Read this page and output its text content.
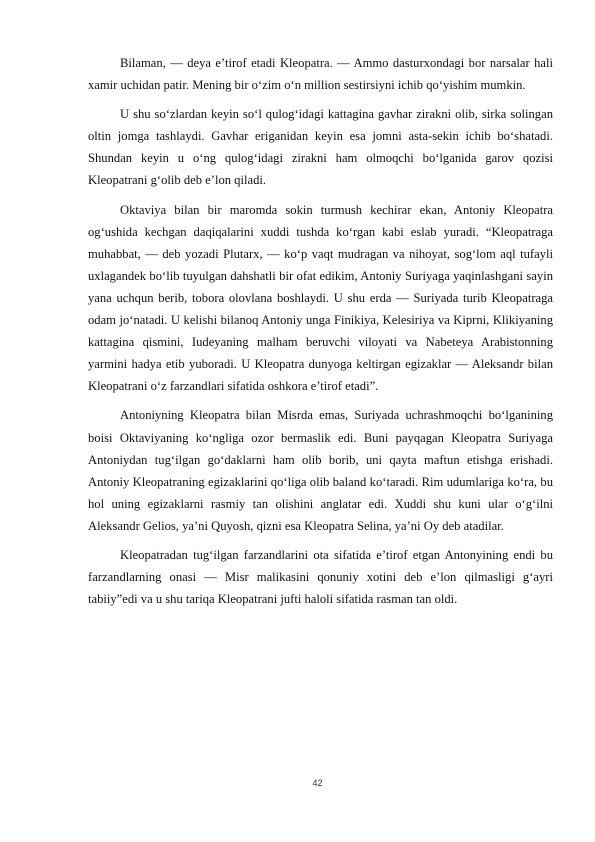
Bilaman, — deya e’tirof etadi Kleopatra. — Ammo dasturxondagi bor narsalar hali xamir uchidan patir. Mening bir o‘zim o‘n million sestirsiyni ichib qo‘yishim mumkin.

U shu so‘zlardan keyin so‘l qulog‘idagi kattagina gavhar zirakni olib, sirka solingan oltin jomga tashlaydi. Gavhar eriganidan keyin esa jomni asta-sekin ichib bo‘shatadi. Shundan keyin u o‘ng qulog‘idagi zirakni ham olmoqchi bo‘lganida garov qozisi Kleopatrani g‘olib deb e’lon qiladi.

Oktaviya bilan bir maromda sokin turmush kechirar ekan, Antoniy Kleopatra og‘ushida kechgan daqiqalarini xuddi tushda ko‘rgan kabi eslab yuradi. “Kleopatraga muhabbat, — deb yozadi Plutarx, — ko‘p vaqt mudragan va nihoyat, sog‘lom aql tufayli uxlagandek bo‘lib tuyulgan dahshatli bir ofat edikim, Antoniy Suriyaga yaqinlashgani sayin yana uchqun berib, tobora olovlana boshlaydi. U shu erda — Suriyada turib Kleopatraga odam jo‘natadi. U kelishi bilanoq Antoniy unga Finikiya, Kelesiriya va Kiprni, Klikiyaning kattagina qismini, Iudeyaning malham beruvchi viloyati va Nabeteya Arabistonning yarmini hadya etib yuboradi. U Kleopatra dunyoga keltirgan egizaklar — Aleksandr bilan Kleopatrani o‘z farzandlari sifatida oshkora e’tirof etadi”.

Antoniyning Kleopatra bilan Misrda emas, Suriyada uchrashmoqchi bo‘lganining boisi Oktaviyaning ko‘ngliga ozor bermaslik edi. Buni payqagan Kleopatra Suriyaga Antoniydan tug‘ilgan go‘daklarni ham olib borib, uni qayta maftun etishga erishadi. Antoniy Kleopatraning egizaklarini qo‘liga olib baland ko‘taradi. Rim udumlariga ko‘ra, bu hol uning egizaklarni rasmiy tan olishini anglatar edi. Xuddi shu kuni ular o‘g‘ilni Aleksandr Gelios, ya’ni Quyosh, qizni esa Kleopatra Selina, ya’ni Oy deb atadilar.

Kleopatradan tug‘ilgan farzandlarini ota sifatida e’tirof etgan Antonyining endi bu farzandlarning onasi — Misr malikasini qonuniy xotini deb e’lon qilmasligi g‘ayri tabiiy”edi va u shu tariqa Kleopatrani jufti haloli sifatida rasman tan oldi.

42
